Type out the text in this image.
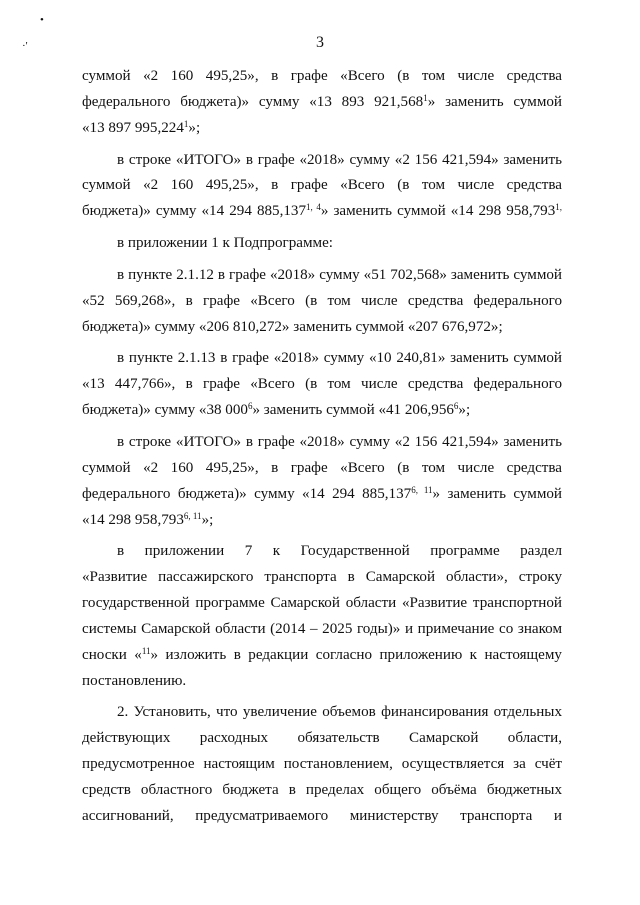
•
·'	3
суммой «2 160 495,25», в графе «Всего (в том числе средства
федерального бюджета)» сумму «13 893 921,568$^1$» заменить суммой
«13 897 995,224$^1$»;
в строке «ИТОГО» в графе «2018» сумму «2 156 421,594» заменить
суммой «2 160 495,25», в графе «Всего (в том числе средства
бюджета)» сумму «14 294 885,137$^{1, 4}$» заменить суммой «14 298 $958,793^{1,}$
в приложении 1 к Подпрограмме:
в пункте 2.1.12 в графе «2018» сумму «51 702,568» заменить суммой
«52 569,268», в графе «Всего (в том числе средства федерального
бюджета)» сумму «206 810,272» заменить суммой «207 676,972»;
в пункте 2.1.13 в графе «2018» сумму «10 240,81» заменить суммой
«13 447,766», в графе «Всего (в том числе средства федерального
бюджета)» сумму «38 $000^6$» заменить суммой «41 206,956$^6$»;
в строке «ИТОГО» в графе «2018» сумму «2 156 421,594» заменить
суммой «2 160 495,25», в графе «Всего (в том числе средства
федерального бюджета)» сумму «14 294 885,137$^{6, 11}$» заменить суммой
«14 298 958,793$^{6, 11}$»;
в приложении 7 к Государственной программе раздел
«Развитие пассажирского транспорта в Самарской области», строку
государственной программе Самарской области «Развитие транспортной
системы Самарской области (2014 – 2025 годы)» и примечание со знаком
сноски «$^{11}$» изложить в редакции согласно приложению к настоящему
постановлению.
2. Установить, что увеличение объемов финансирования отдельных
действующих расходных обязательств Самарской области,
предусмотренное настоящим постановлением, осуществляется за счёт
средств областного бюджета в пределах общего объёма бюджетных
ассигнований, предусматриваемого министерству транспорта и
